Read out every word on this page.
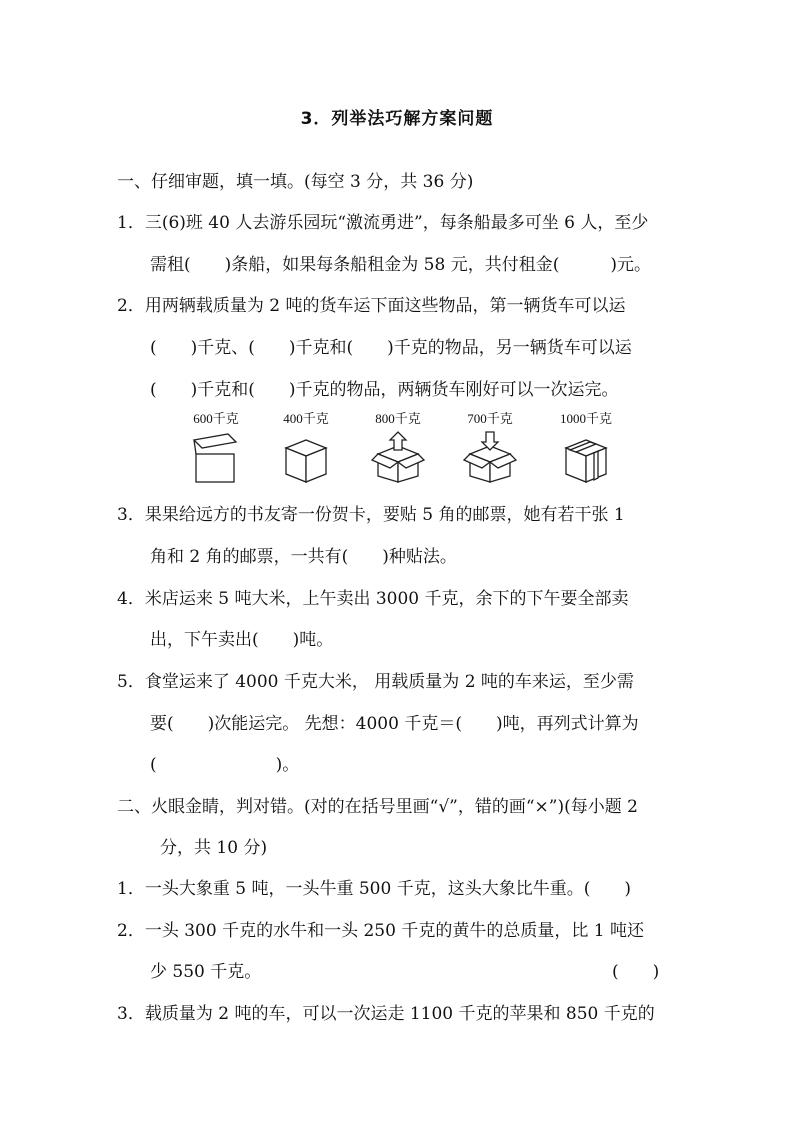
3．列举法巧解方案问题
一、仔细审题，填一填。(每空 3 分，共 36 分)
1．三(6)班 40 人去游乐园玩“激流勇进”，每条船最多可坐 6 人，至少
需租(　　)条船，如果每条船租金为 58 元，共付租金(　　　)元。
2．用两辆载质量为 2 吨的货车运下面这些物品，第一辆货车可以运
(　　)千克、(　　)千克和(　　)千克的物品，另一辆货车可以运
(　　)千克和(　　)千克的物品，两辆货车刚好可以一次运完。
600千克	400千克	800千克	700千克	1000千克
3．果果给远方的书友寄一份贺卡，要贴 5 角的邮票，她有若干张 1
角和 2 角的邮票，一共有(　　)种贴法。
4．米店运来 5 吨大米，上午卖出 3000 千克，余下的下午要全部卖
出，下午卖出(　　)吨。
5．食堂运来了 4000 千克大米， 用载质量为 2 吨的车来运，至少需
要(　　)次能运完。 先想：4000 千克＝(　　)吨，再列式计算为
(　　　　　　　)。
二、火眼金睛，判对错。(对的在括号里画“√”，错的画“×”)(每小题 2
分，共 10 分)
1．一头大象重 5 吨，一头牛重 500 千克，这头大象比牛重。(　　)
2．一头 300 千克的水牛和一头 250 千克的黄牛的总质量，比 1 吨还
少 550 千克。	(　　)
3．载质量为 2 吨的车，可以一次运走 1100 千克的苹果和 850 千克的
